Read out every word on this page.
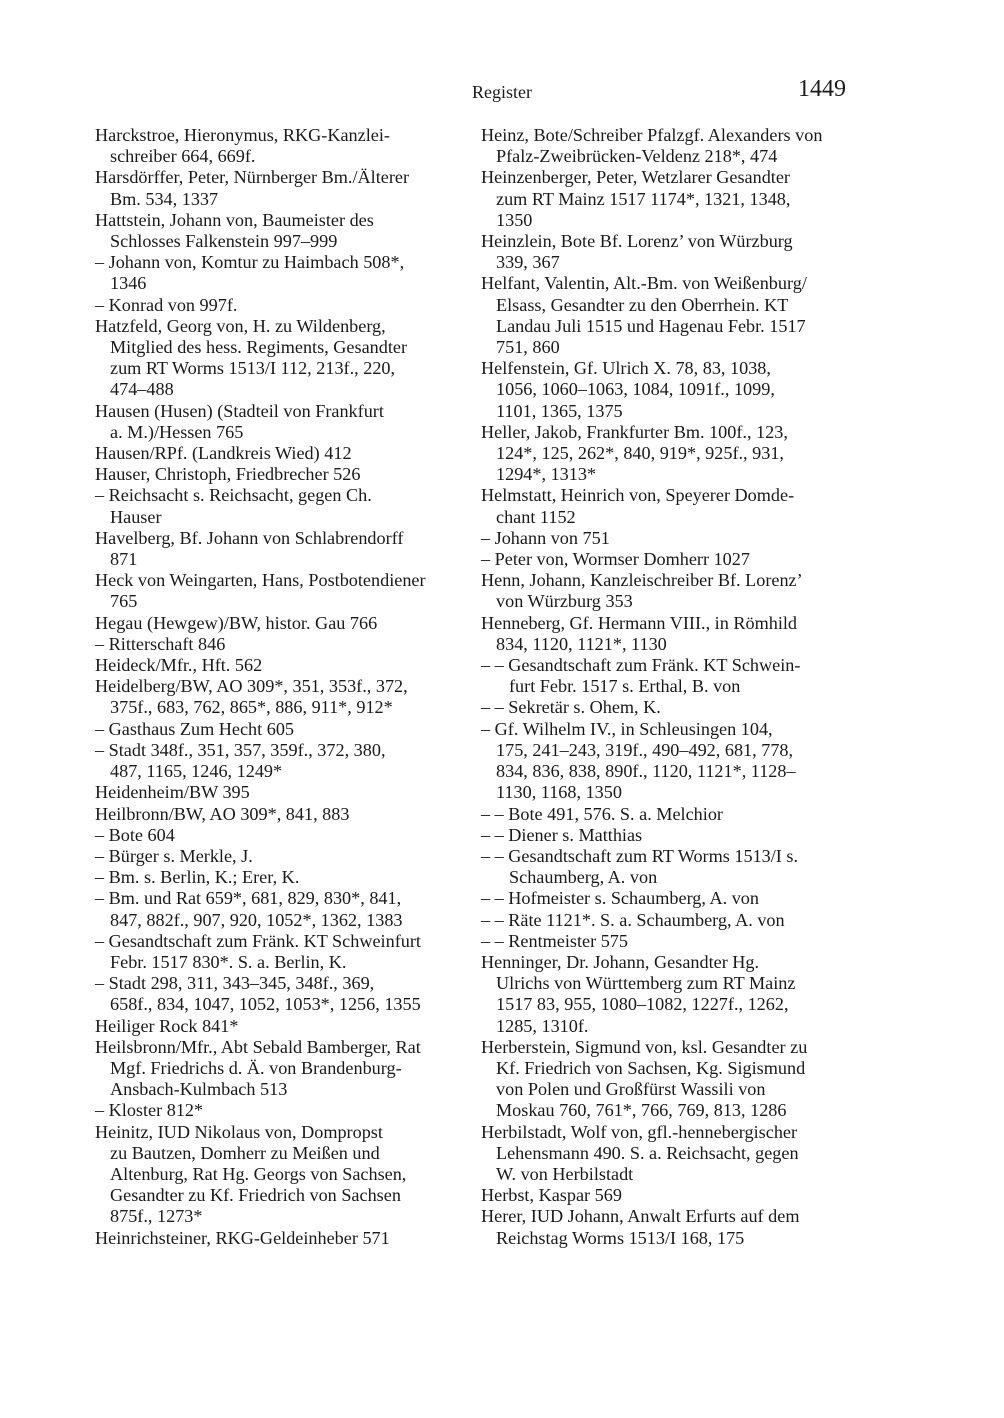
Register	1449
Harckstroe, Hieronymus, RKG-Kanzlei-
schreiber 664, 669f.
Harsdörffer, Peter, Nürnberger Bm./Älterer
Bm. 534, 1337
Hattstein, Johann von, Baumeister des
Schlosses Falkenstein 997–999
– Johann von, Komtur zu Haimbach 508*,
1346
– Konrad von 997f.
Hatzfeld, Georg von, H. zu Wildenberg,
Mitglied des hess. Regiments, Gesandter
zum RT Worms 1513/I 112, 213f., 220,
474–488
Hausen (Husen) (Stadteil von Frankfurt
a. M.)/Hessen 765
Hausen/RPf. (Landkreis Wied) 412
Hauser, Christoph, Friedbrecher 526
– Reichsacht s. Reichsacht, gegen Ch.
Hauser
Havelberg, Bf. Johann von Schlabrendorff
871
Heck von Weingarten, Hans, Postbotendiener
765
Hegau (Hewgew)/BW, histor. Gau 766
– Ritterschaft 846
Heideck/Mfr., Hft. 562
Heidelberg/BW, AO 309*, 351, 353f., 372,
375f., 683, 762, 865*, 886, 911*, 912*
– Gasthaus Zum Hecht 605
– Stadt 348f., 351, 357, 359f., 372, 380,
487, 1165, 1246, 1249*
Heidenheim/BW 395
Heilbronn/BW, AO 309*, 841, 883
– Bote 604
– Bürger s. Merkle, J.
– Bm. s. Berlin, K.; Erer, K.
– Bm. und Rat 659*, 681, 829, 830*, 841,
847, 882f., 907, 920, 1052*, 1362, 1383
– Gesandtschaft zum Fränk. KT Schweinfurt
Febr. 1517 830*. S. a. Berlin, K.
– Stadt 298, 311, 343–345, 348f., 369,
658f., 834, 1047, 1052, 1053*, 1256, 1355
Heiliger Rock 841*
Heilsbronn/Mfr., Abt Sebald Bamberger, Rat
Mgf. Friedrichs d. Ä. von Brandenburg-
Ansbach-Kulmbach 513
– Kloster 812*
Heinitz, IUD Nikolaus von, Dompropst
zu Bautzen, Domherr zu Meißen und
Altenburg, Rat Hg. Georgs von Sachsen,
Gesandter zu Kf. Friedrich von Sachsen
875f., 1273*
Heinrichsteiner, RKG-Geldeinheber 571
Heinz, Bote/Schreiber Pfalzgf. Alexanders von
Pfalz-Zweibrücken-Veldenz 218*, 474
Heinzenberger, Peter, Wetzlarer Gesandter
zum RT Mainz 1517 1174*, 1321, 1348,
1350
Heinzlein, Bote Bf. Lorenz’ von Würzburg
339, 367
Helfant, Valentin, Alt.-Bm. von Weißenburg/
Elsass, Gesandter zu den Oberrhein. KT
Landau Juli 1515 und Hagenau Febr. 1517
751, 860
Helfenstein, Gf. Ulrich X. 78, 83, 1038,
1056, 1060–1063, 1084, 1091f., 1099,
1101, 1365, 1375
Heller, Jakob, Frankfurter Bm. 100f., 123,
124*, 125, 262*, 840, 919*, 925f., 931,
1294*, 1313*
Helmstatt, Heinrich von, Speyerer Domde-
chant 1152
– Johann von 751
– Peter von, Wormser Domherr 1027
Henn, Johann, Kanzleischreiber Bf. Lorenz’
von Würzburg 353
Henneberg, Gf. Hermann VIII., in Römhild
834, 1120, 1121*, 1130
– – Gesandtschaft zum Fränk. KT Schwein-
furt Febr. 1517 s. Erthal, B. von
– – Sekretär s. Ohem, K.
– Gf. Wilhelm IV., in Schleusingen 104,
175, 241–243, 319f., 490–492, 681, 778,
834, 836, 838, 890f., 1120, 1121*, 1128–
1130, 1168, 1350
– – Bote 491, 576. S. a. Melchior
– – Diener s. Matthias
– – Gesandtschaft zum RT Worms 1513/I s.
Schaumberg, A. von
– – Hofmeister s. Schaumberg, A. von
– – Räte 1121*. S. a. Schaumberg, A. von
– – Rentmeister 575
Henninger, Dr. Johann, Gesandter Hg.
Ulrichs von Württemberg zum RT Mainz
1517 83, 955, 1080–1082, 1227f., 1262,
1285, 1310f.
Herberstein, Sigmund von, ksl. Gesandter zu
Kf. Friedrich von Sachsen, Kg. Sigismund
von Polen und Großfürst Wassili von
Moskau 760, 761*, 766, 769, 813, 1286
Herbilstadt, Wolf von, gfl.-hennebergischer
Lehensmann 490. S. a. Reichsacht, gegen
W. von Herbilstadt
Herbst, Kaspar 569
Herer, IUD Johann, Anwalt Erfurts auf dem
Reichstag Worms 1513/I 168, 175
